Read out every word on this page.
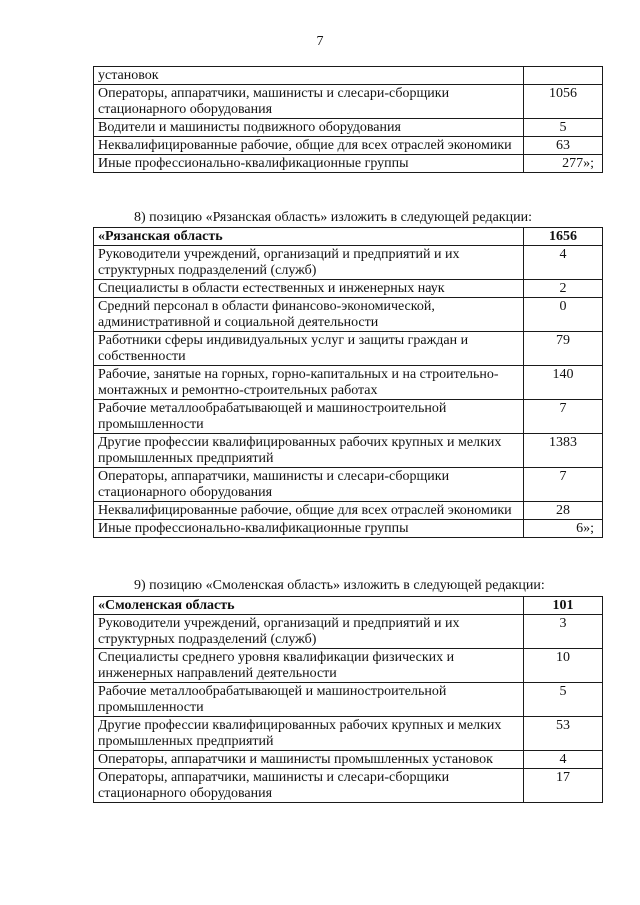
7
установок	
Операторы, аппаратчики, машинисты и слесари-сборщики стационарного оборудования	1056
Водители и машинисты подвижного оборудования	5
Неквалифицированные рабочие, общие для всех отраслей экономики	63
Иные профессионально-квалификационные группы	277»;
8) позицию «Рязанская область» изложить в следующей редакции:
«Рязанская область	1656
Руководители учреждений, организаций и предприятий и их структурных подразделений (служб)	4
Специалисты в области естественных и инженерных наук	2
Средний персонал в области финансово-экономической, административной и социальной деятельности	0
Работники сферы индивидуальных услуг и защиты граждан и собственности	79
Рабочие, занятые на горных, горно-капитальных и на строительно-монтажных и ремонтно-строительных работах	140
Рабочие металлообрабатывающей и машиностроительной промышленности	7
Другие профессии квалифицированных рабочих крупных и мелких промышленных предприятий	1383
Операторы, аппаратчики, машинисты и слесари-сборщики стационарного оборудования	7
Неквалифицированные рабочие, общие для всех отраслей экономики	28
Иные профессионально-квалификационные группы	6»;
9) позицию «Смоленская область» изложить в следующей редакции:
«Смоленская область	101
Руководители учреждений, организаций и предприятий и их структурных подразделений (служб)	3
Специалисты среднего уровня квалификации физических и инженерных направлений деятельности	10
Рабочие металлообрабатывающей и машиностроительной промышленности	5
Другие профессии квалифицированных рабочих крупных и мелких промышленных предприятий	53
Операторы, аппаратчики и машинисты промышленных установок	4
Операторы, аппаратчики, машинисты и слесари-сборщики стационарного оборудования	17
